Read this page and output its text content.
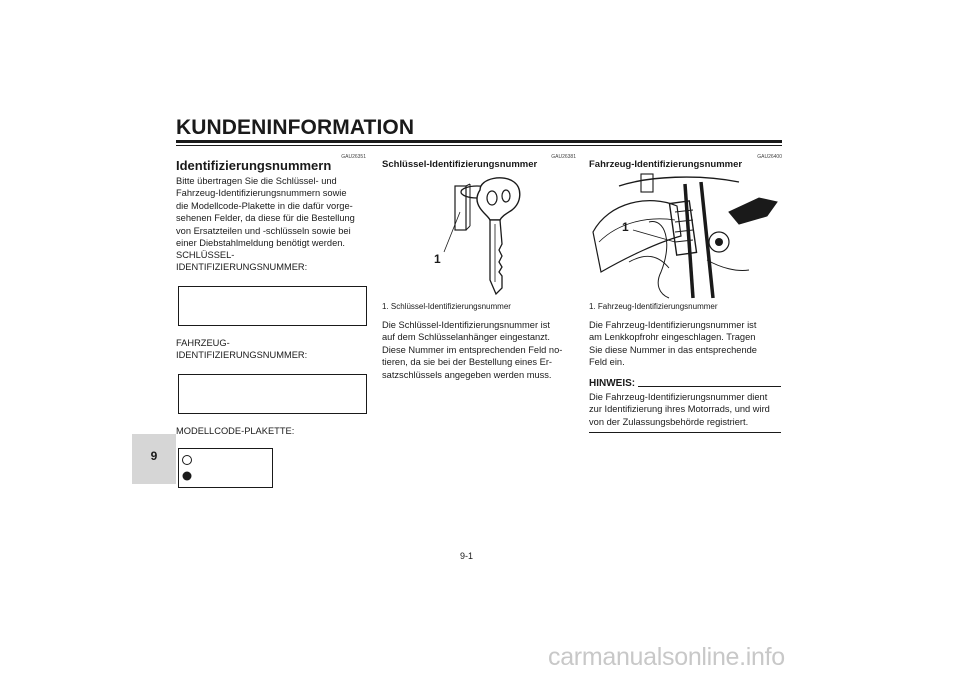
KUNDENINFORMATION
9
GAU26351
Identifizierungsnummern
Bitte übertragen Sie die Schlüssel- und
Fahrzeug-Identifizierungsnummern sowie
die Modellcode-Plakette in die dafür vorge-
sehenen Felder, da diese für die Bestellung
von Ersatzteilen und -schlüsseln sowie bei
einer Diebstahlmeldung benötigt werden.
SCHLÜSSEL-
IDENTIFIZIERUNGSNUMMER:
FAHRZEUG-
IDENTIFIZIERUNGSNUMMER:
MODELLCODE-PLAKETTE:
GAU26381
Schlüssel-Identifizierungsnummer
1
1. Schlüssel-Identifizierungsnummer
Die Schlüssel-Identifizierungsnummer ist
auf dem Schlüsselanhänger eingestanzt.
Diese Nummer im entsprechenden Feld no-
tieren, da sie bei der Bestellung eines Er-
satzschlüssels angegeben werden muss.
GAU26400
Fahrzeug-Identifizierungsnummer
1
1. Fahrzeug-Identifizierungsnummer
Die Fahrzeug-Identifizierungsnummer ist
am Lenkkopfrohr eingeschlagen. Tragen
Sie diese Nummer in das entsprechende
Feld ein.
HINWEIS:
Die Fahrzeug-Identifizierungsnummer dient
zur Identifizierung ihres Motorrads, und wird
von der Zulassungsbehörde registriert.
9-1
carmanualsonline.info
